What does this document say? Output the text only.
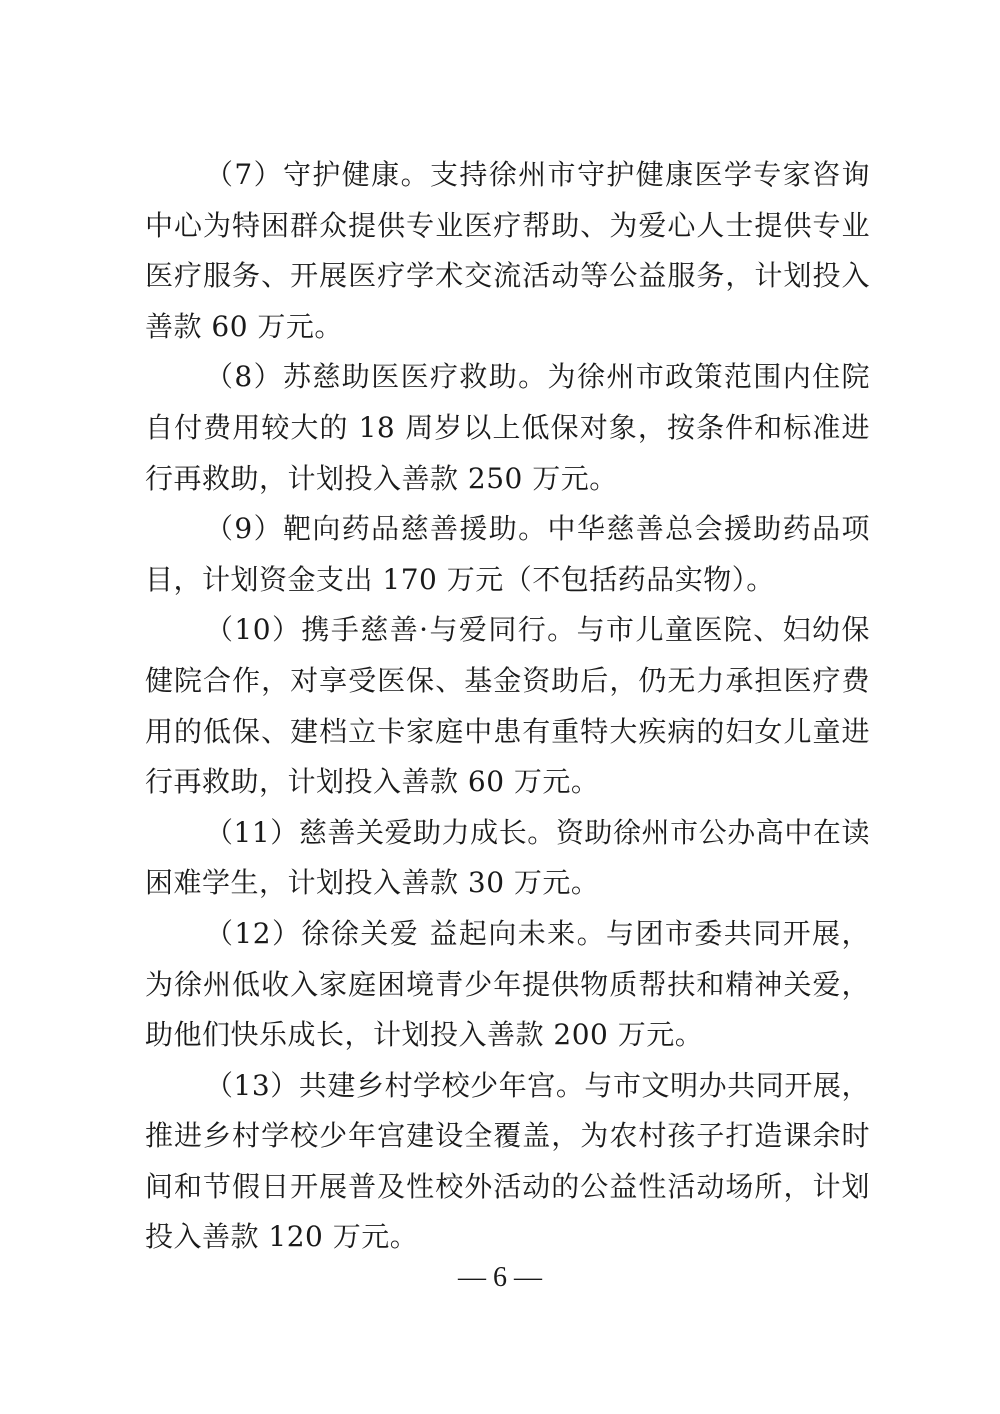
（7）守护健康。支持徐州市守护健康医学专家咨询中心为特困群众提供专业医疗帮助、为爱心人士提供专业医疗服务、开展医疗学术交流活动等公益服务，计划投入善款 60 万元。

（8）苏慈助医医疗救助。为徐州市政策范围内住院自付费用较大的 18 周岁以上低保对象，按条件和标准进行再救助，计划投入善款 250 万元。

（9）靶向药品慈善援助。中华慈善总会援助药品项目，计划资金支出 170 万元（不包括药品实物）。

（10）携手慈善·与爱同行。与市儿童医院、妇幼保健院合作，对享受医保、基金资助后，仍无力承担医疗费用的低保、建档立卡家庭中患有重特大疾病的妇女儿童进行再救助，计划投入善款 60 万元。

（11）慈善关爱助力成长。资助徐州市公办高中在读困难学生，计划投入善款 30 万元。

（12）徐徐关爱 益起向未来。与团市委共同开展，为徐州低收入家庭困境青少年提供物质帮扶和精神关爱，助他们快乐成长，计划投入善款 200 万元。

（13）共建乡村学校少年宫。与市文明办共同开展，推进乡村学校少年宫建设全覆盖，为农村孩子打造课余时间和节假日开展普及性校外活动的公益性活动场所，计划投入善款 120 万元。

— 6 —
